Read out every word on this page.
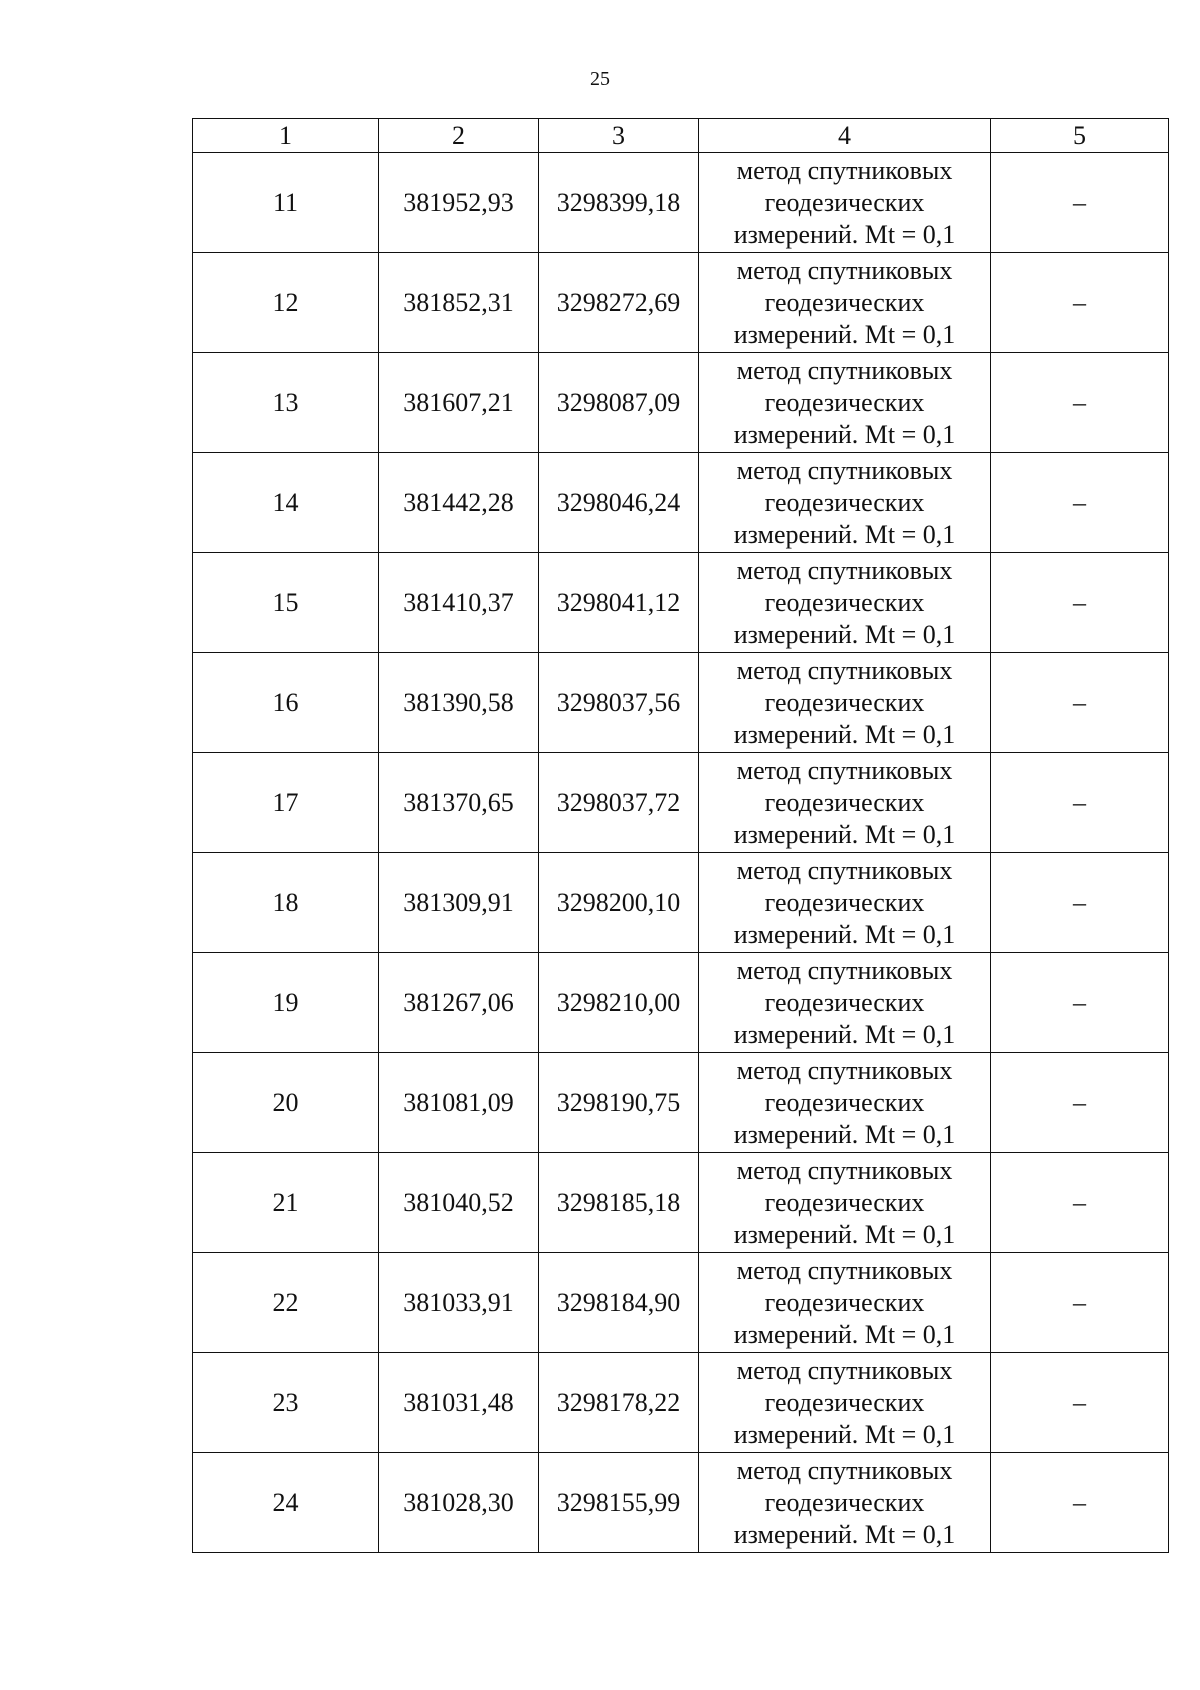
25
1	2	3	4	5
11	381952,93	3298399,18	метод спутниковых
геодезических
измерений. Mt = 0,1	–
12	381852,31	3298272,69	метод спутниковых
геодезических
измерений. Mt = 0,1	–
13	381607,21	3298087,09	метод спутниковых
геодезических
измерений. Mt = 0,1	–
14	381442,28	3298046,24	метод спутниковых
геодезических
измерений. Mt = 0,1	–
15	381410,37	3298041,12	метод спутниковых
геодезических
измерений. Mt = 0,1	–
16	381390,58	3298037,56	метод спутниковых
геодезических
измерений. Mt = 0,1	–
17	381370,65	3298037,72	метод спутниковых
геодезических
измерений. Mt = 0,1	–
18	381309,91	3298200,10	метод спутниковых
геодезических
измерений. Mt = 0,1	–
19	381267,06	3298210,00	метод спутниковых
геодезических
измерений. Mt = 0,1	–
20	381081,09	3298190,75	метод спутниковых
геодезических
измерений. Mt = 0,1	–
21	381040,52	3298185,18	метод спутниковых
геодезических
измерений. Mt = 0,1	–
22	381033,91	3298184,90	метод спутниковых
геодезических
измерений. Mt = 0,1	–
23	381031,48	3298178,22	метод спутниковых
геодезических
измерений. Mt = 0,1	–
24	381028,30	3298155,99	метод спутниковых
геодезических
измерений. Mt = 0,1	–
